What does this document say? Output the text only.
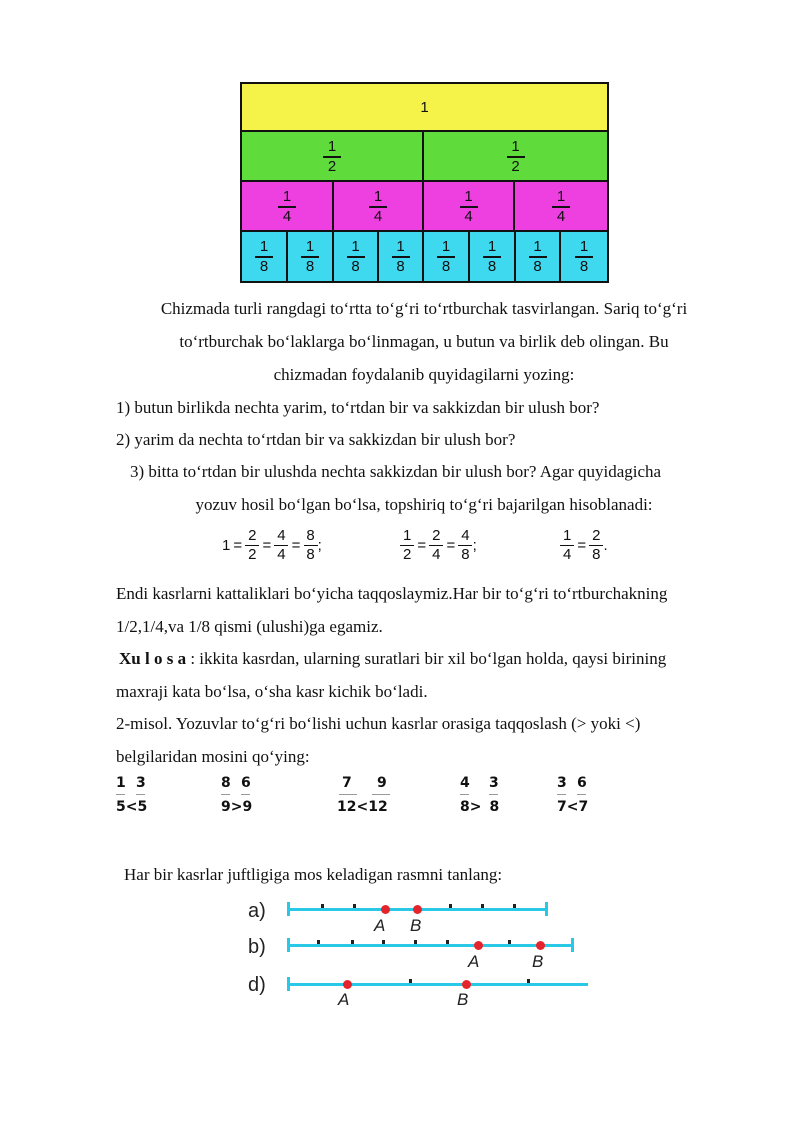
1
$\frac{1}{2}$	$\frac{1}{2}$
$\frac{1}{4}$	$\frac{1}{4}$	$\frac{1}{4}$	$\frac{1}{4}$
$\frac{1}{8} \frac{1}{8} \frac{1}{8} \frac{1}{8} \frac{1}{8} \frac{1}{8} \frac{1}{8} \frac{1}{8}$
Chizmada turli rangdagi to‘rtta to‘g‘ri to‘rtburchak tasvirlangan. Sariq to‘g‘ri
to‘rtburchak bo‘laklarga bo‘linmagan, u butun va birlik deb olingan. Bu
chizmadan foydalanib quyidagilarni yozing:
1) butun birlikda nechta yarim, to‘rtdan bir va sakkizdan bir ulush bor?
2) yarim da nechta to‘rtdan bir va sakkizdan bir ulush bor?
3) bitta to‘rtdan bir ulushda nechta sakkizdan bir ulush bor? Agar quyidagicha
yozuv hosil bo‘lgan bo‘lsa, topshiriq to‘g‘ri bajarilgan hisoblanadi:
$1 = \frac{2}{2} = \frac{4}{4} = \frac{8}{8}$ ;	$\frac{1}{2} = \frac{2}{4} = \frac{4}{8}$ ;	$\frac{1}{4} = \frac{2}{8}$ .
Endi kasrlarni kattaliklari bo‘yicha taqqoslaymiz.Har bir to‘g‘ri to‘rtburchakning
1/2,1/4,va 1/8 qismi (ulushi)ga egamiz.
Xu l o s a : ikkita kasrdan, ularning suratlari bir xil bo‘lgan holda, qaysi birining
maxraji kata bo‘lsa, o‘sha kasr kichik bo‘ladi.
2-misol. Yozuvlar to‘g‘ri bo‘lishi uchun kasrlar orasiga taqqoslash (> yoki <)
belgilaridan mosini qo‘ying:
1 3
5<5
8 6
9>9
7 9
12<12
4 3
8> 8
3 6
7<7
Har bir kasrlar juftligiga mos keladigan rasmni tanlang:
a)
A B
b)
A	B
d)
A	B
